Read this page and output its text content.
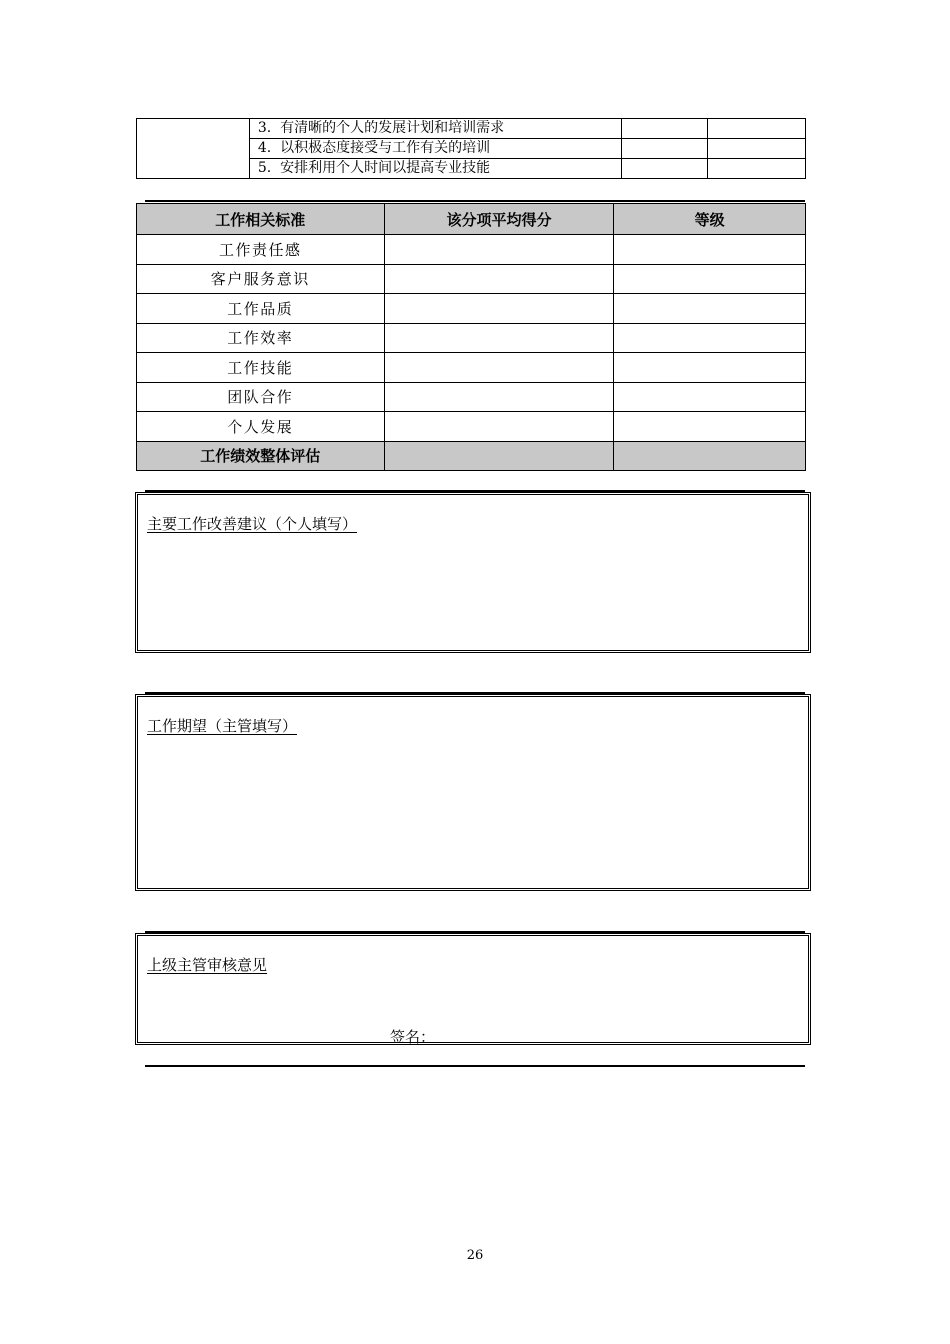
	3. 有清晰的个人的发展计划和培训需求		
	4. 以积极态度接受与工作有关的培训		
	5. 安排利用个人时间以提高专业技能		
工作相关标准	该分项平均得分	等级
工作责任感		
客户服务意识		
工作品质		
工作效率		
工作技能		
团队合作		
个人发展		
工作绩效整体评估		
主要工作改善建议（个人填写）
工作期望（主管填写）
上级主管审核意见
签名：
26
